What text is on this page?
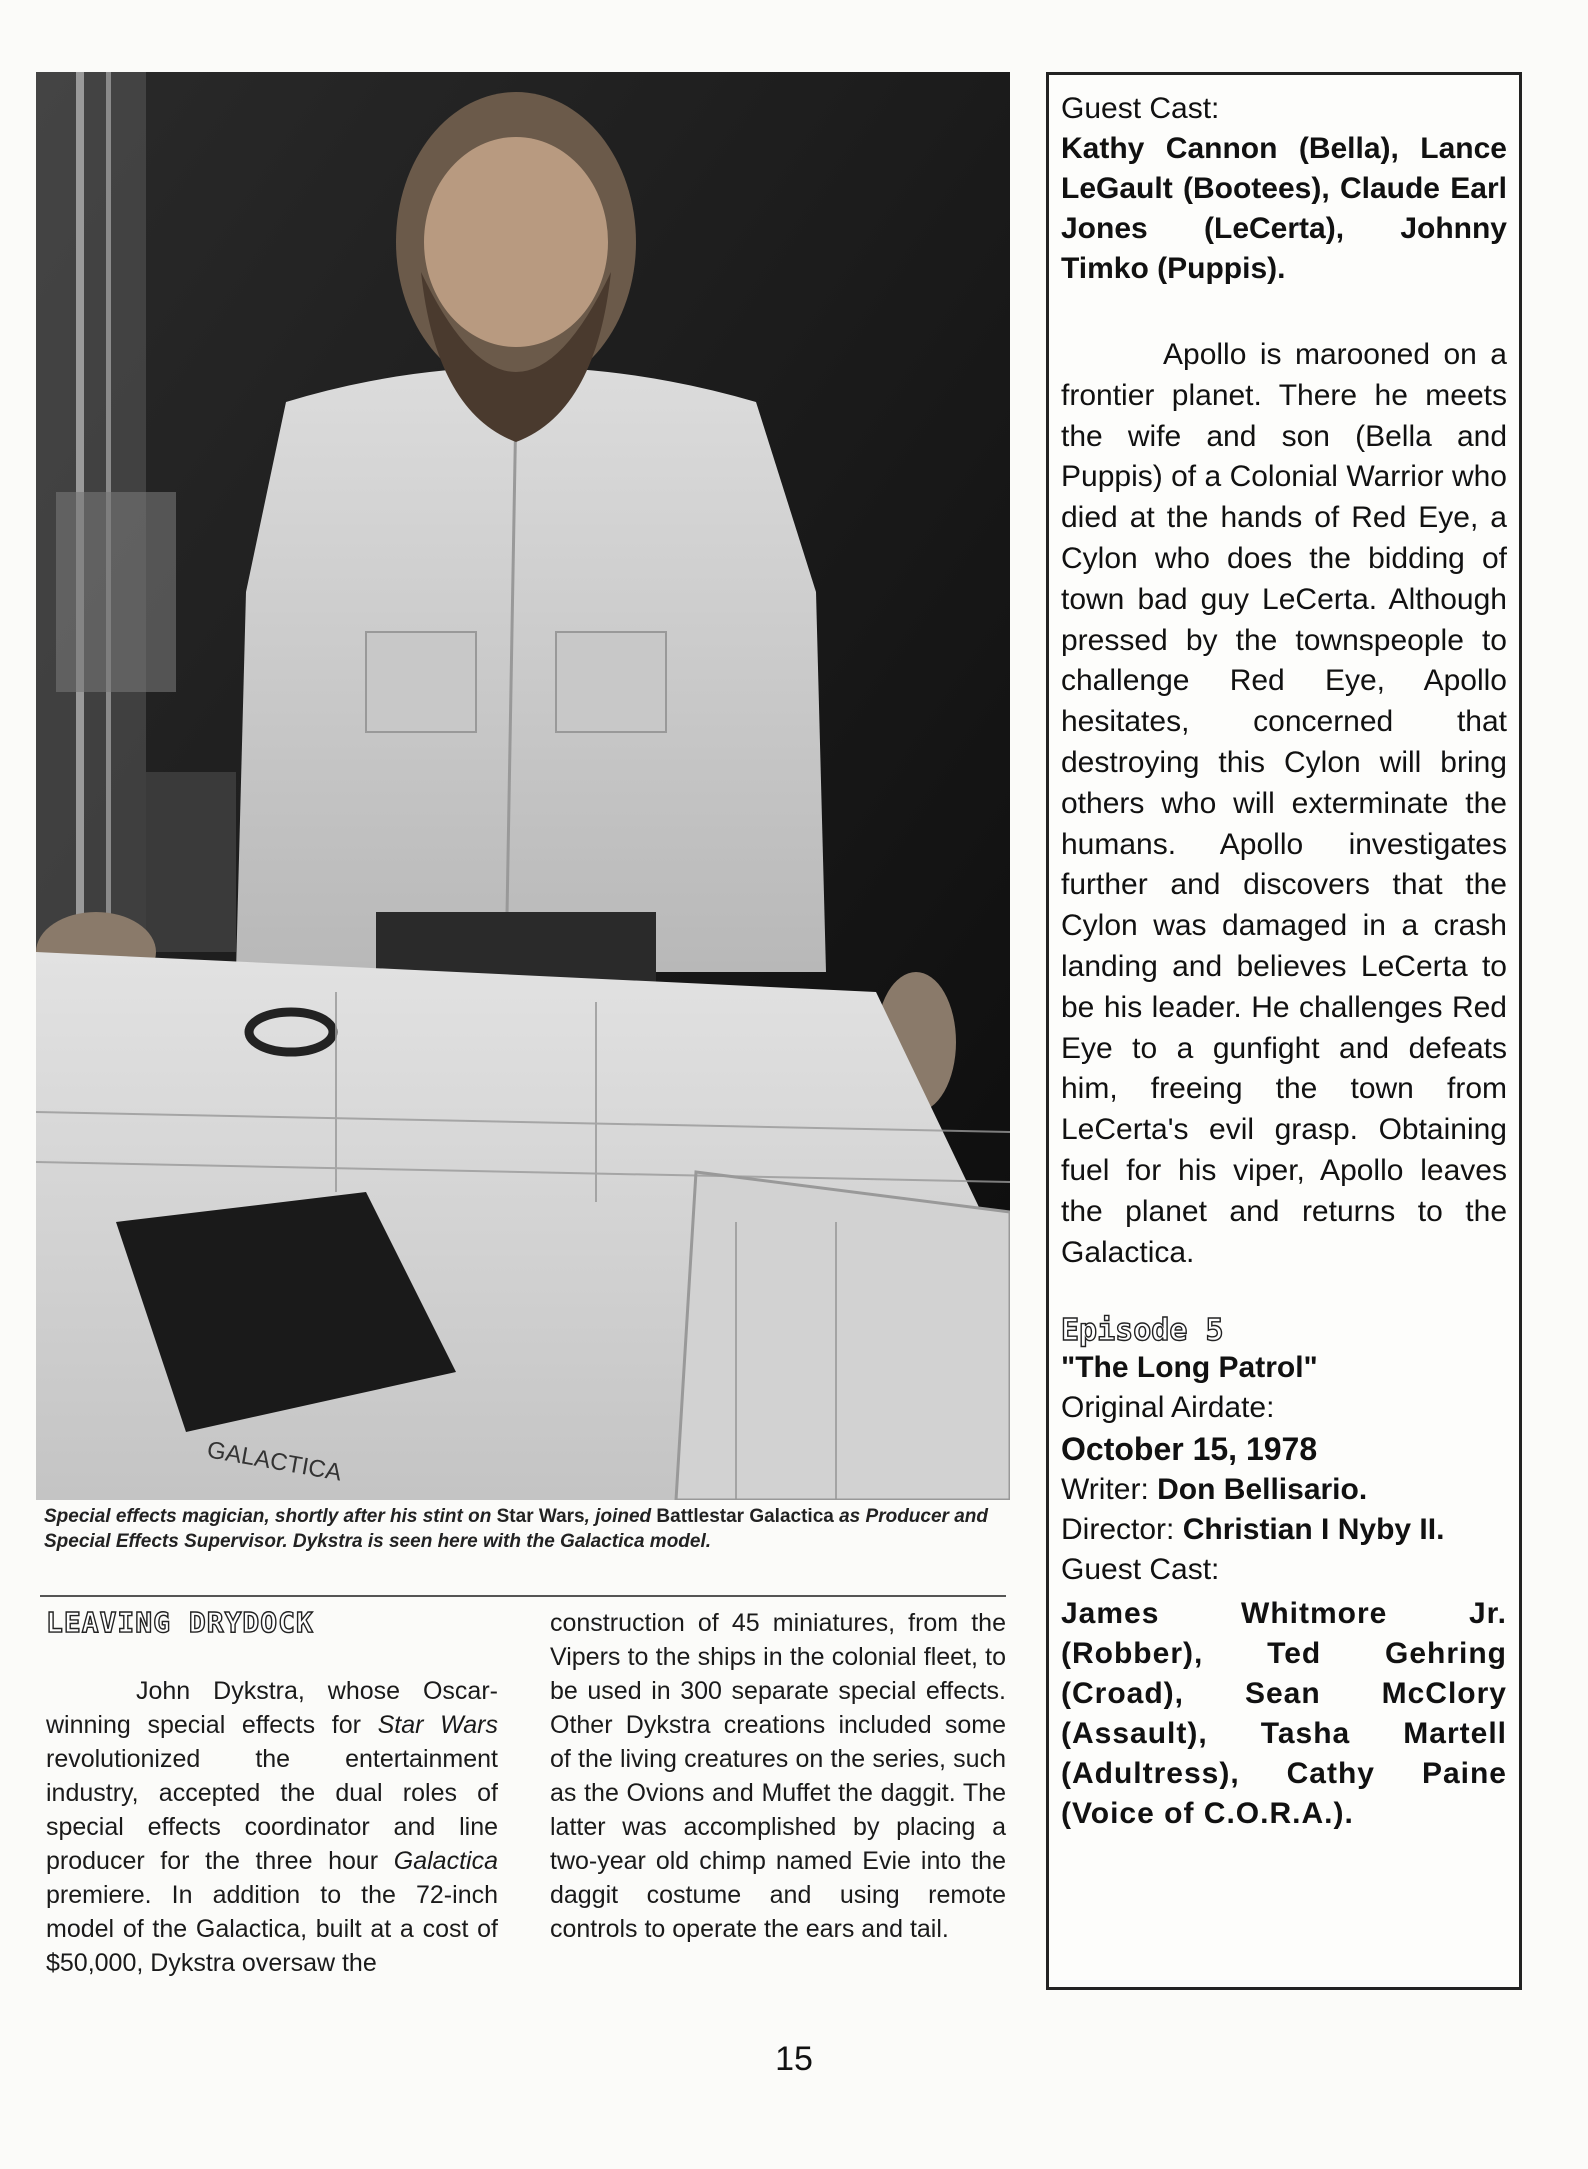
GALACTICA
Special effects magician, shortly after his stint on Star Wars, joined Battlestar Galactica as Producer and Special Effects Supervisor. Dykstra is seen here with the Galactica model.
LEAVING DRYDOCK

John Dykstra, whose Oscar-winning special effects for Star Wars revolutionized the entertainment industry, accepted the dual roles of special effects coordinator and line producer for the three hour Galactica premiere. In addition to the 72-inch model of the Galactica, built at a cost of $50,000, Dykstra oversaw the

construction of 45 miniatures, from the Vipers to the ships in the colonial fleet, to be used in 300 separate special effects. Other Dykstra creations included some of the living creatures on the series, such as the Ovions and Muffet the daggit. The latter was accomplished by placing a two-year old chimp named Evie into the daggit costume and using remote controls to operate the ears and tail.

15

Guest Cast:

Kathy Cannon (Bella), Lance LeGault (Bootees), Claude Earl Jones (LeCerta), Johnny Timko (Puppis).

Apollo is marooned on a frontier planet. There he meets the wife and son (Bella and Puppis) of a Colonial Warrior who died at the hands of Red Eye, a Cylon who does the bidding of town bad guy LeCerta. Although pressed by the townspeople to challenge Red Eye, Apollo hesitates, concerned that destroying this Cylon will bring others who will exterminate the humans. Apollo investigates further and discovers that the Cylon was damaged in a crash landing and believes LeCerta to be his leader. He challenges Red Eye to a gunfight and defeats him, freeing the town from LeCerta's evil grasp. Obtaining fuel for his viper, Apollo leaves the planet and returns to the Galactica.

Episode 5

"The Long Patrol"

Original Airdate:

October 15, 1978

Writer: Don Bellisario.

Director: Christian I Nyby II.

Guest Cast:

James Whitmore Jr. (Robber), Ted Gehring (Croad), Sean McClory (Assault), Tasha Martell (Adultress), Cathy Paine (Voice of C.O.R.A.).
